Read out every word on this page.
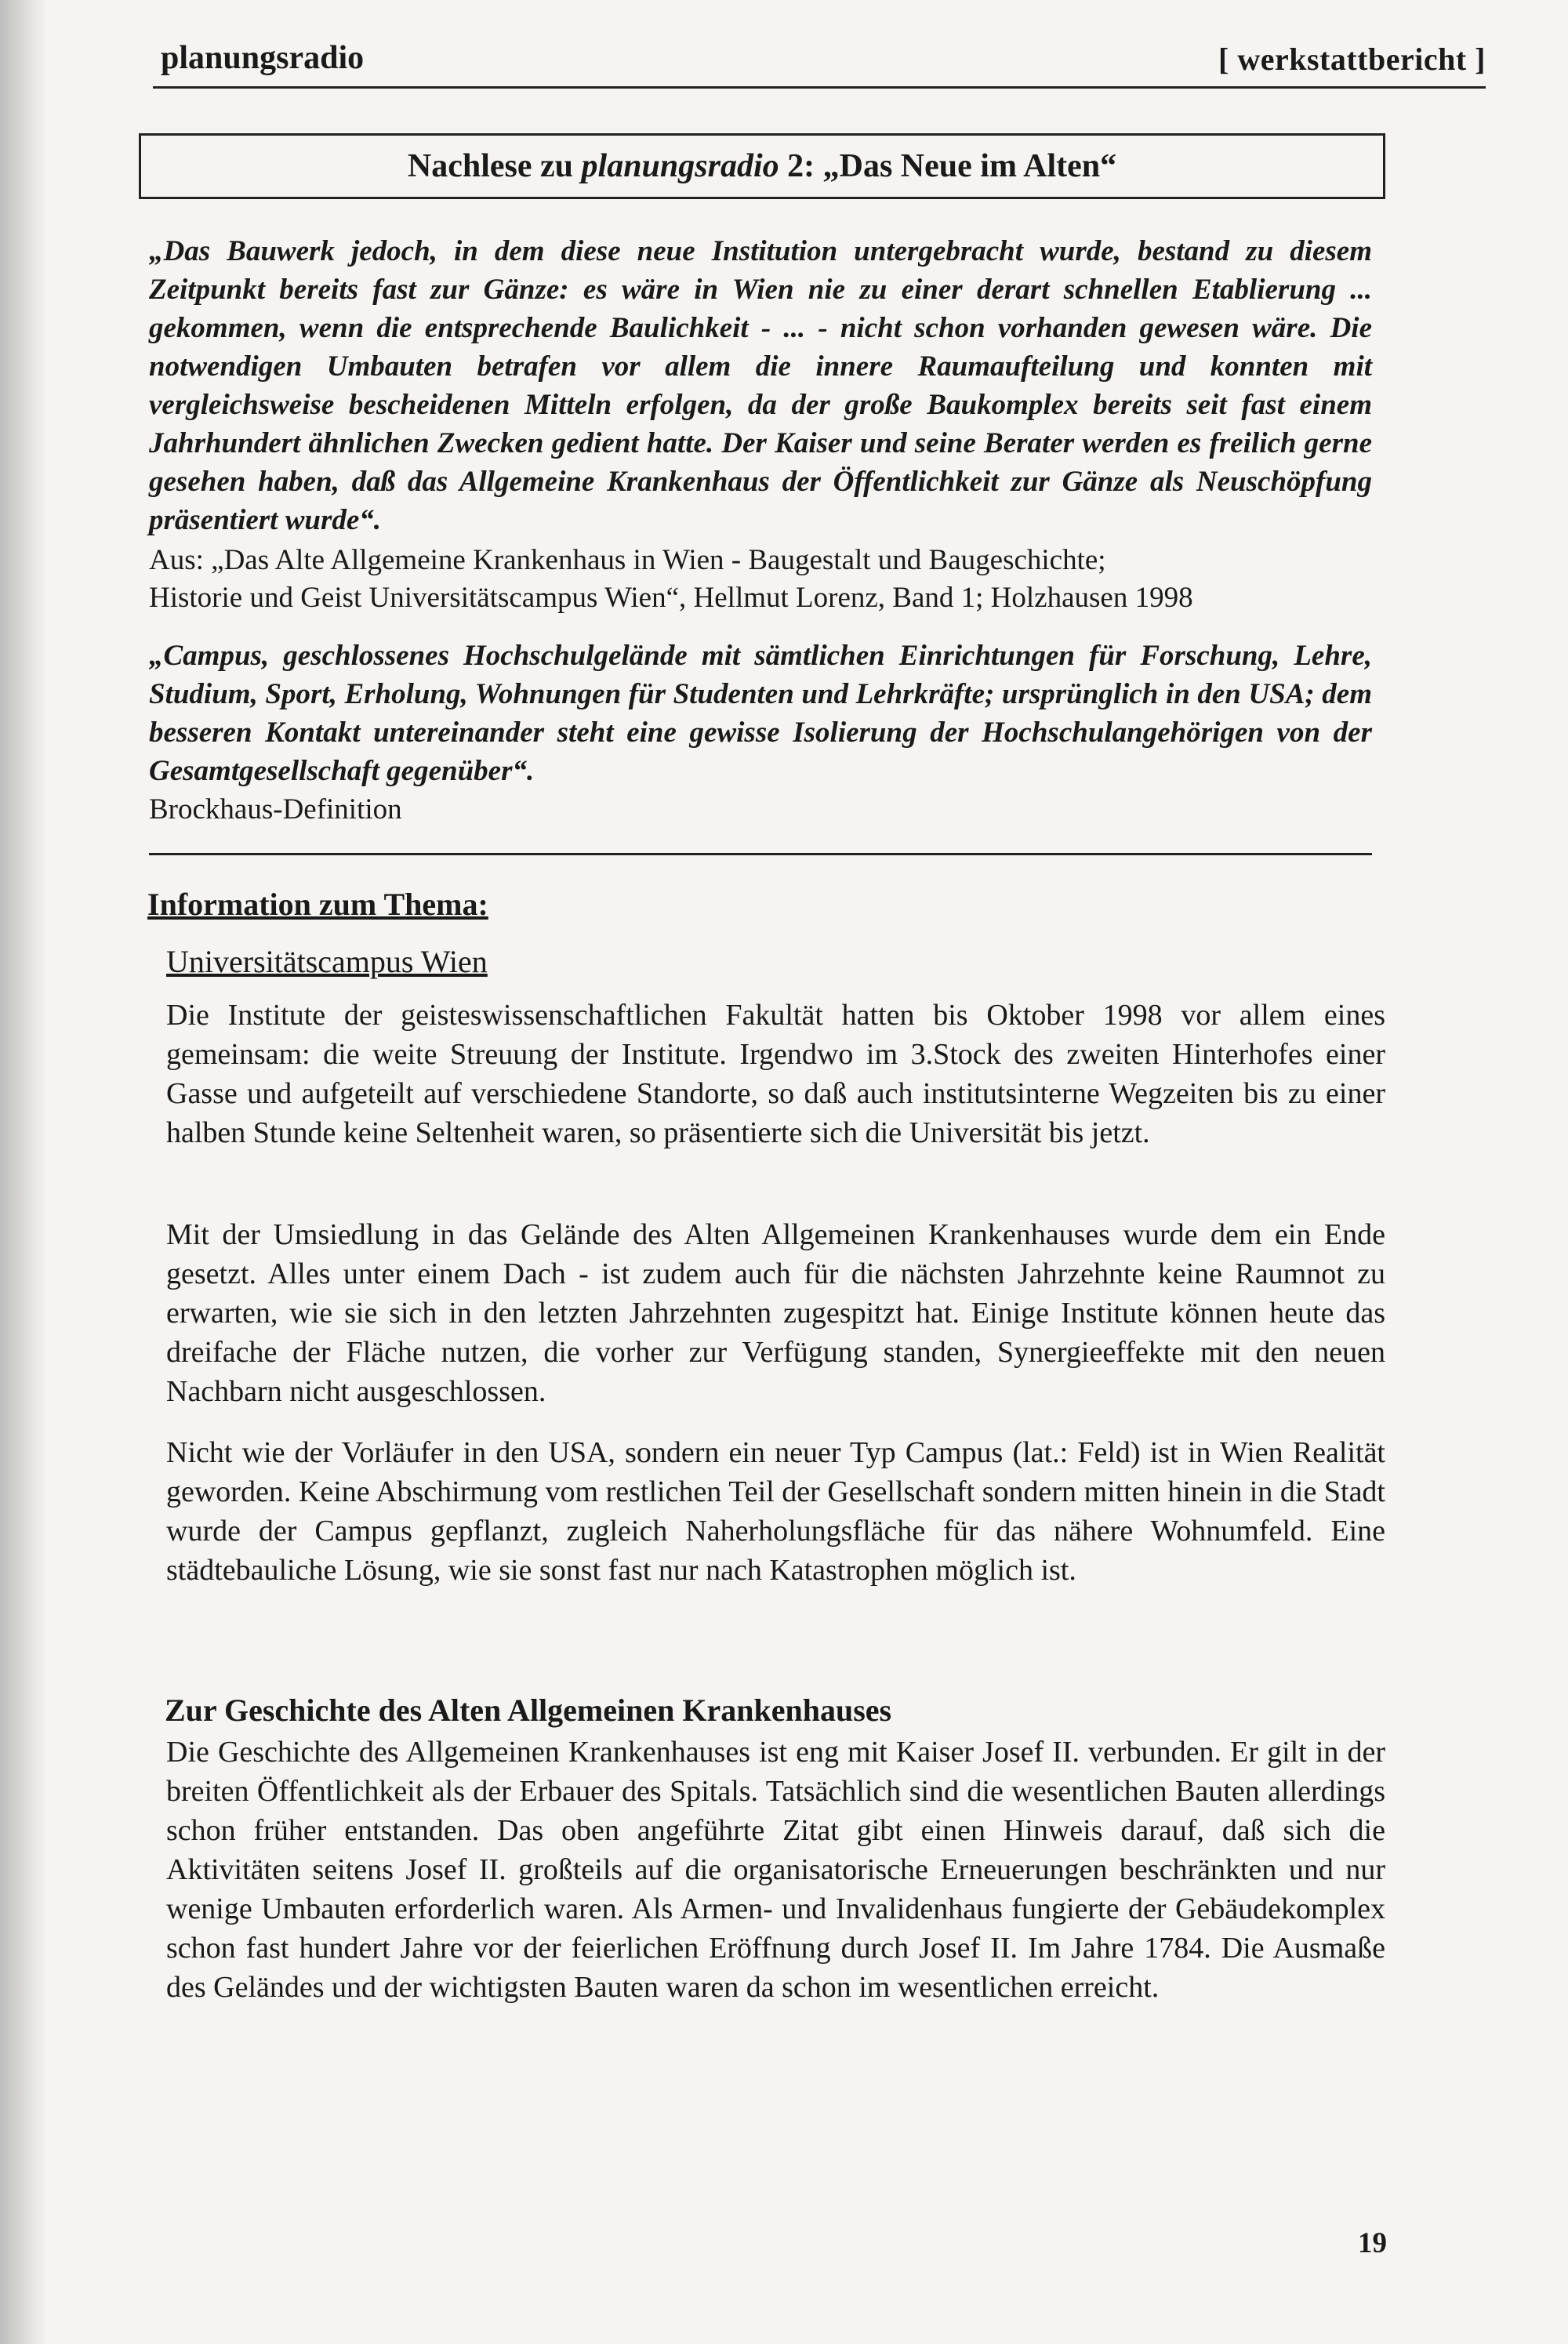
planungsradio	[ werkstattbericht ]
Nachlese zu planungsradio 2: „Das Neue im Alten“
„Das Bauwerk jedoch, in dem diese neue Institution untergebracht wurde, bestand zu diesem Zeitpunkt bereits fast zur Gänze: es wäre in Wien nie zu einer derart schnellen Etablierung ... gekommen, wenn die entsprechende Baulichkeit - ... - nicht schon vorhanden gewesen wäre. Die notwendigen Umbauten betrafen vor allem die innere Raumaufteilung und konnten mit vergleichsweise bescheidenen Mitteln erfolgen, da der große Baukomplex bereits seit fast einem Jahrhundert ähnlichen Zwecken gedient hatte. Der Kaiser und seine Berater werden es freilich gerne gesehen haben, daß das Allgemeine Krankenhaus der Öffentlichkeit zur Gänze als Neuschöpfung präsentiert wurde“.
Aus: „Das Alte Allgemeine Krankenhaus in Wien - Baugestalt und Baugeschichte;
Historie und Geist Universitätscampus Wien“, Hellmut Lorenz, Band 1; Holzhausen 1998
„Campus, geschlossenes Hochschulgelände mit sämtlichen Einrichtungen für Forschung, Lehre, Studium, Sport, Erholung, Wohnungen für Studenten und Lehrkräfte; ursprünglich in den USA; dem besseren Kontakt untereinander steht eine gewisse Isolierung der Hochschulangehörigen von der Gesamtgesellschaft gegenüber“.
Brockhaus-Definition
Information zum Thema:
Universitätscampus Wien
Die Institute der geisteswissenschaftlichen Fakultät hatten bis Oktober 1998 vor allem eines gemeinsam: die weite Streuung der Institute. Irgendwo im 3.Stock des zweiten Hinterhofes einer Gasse und aufgeteilt auf verschiedene Standorte, so daß auch institutsinterne Wegzeiten bis zu einer halben Stunde keine Seltenheit waren, so präsentierte sich die Universität bis jetzt.
Mit der Umsiedlung in das Gelände des Alten Allgemeinen Krankenhauses wurde dem ein Ende gesetzt. Alles unter einem Dach - ist zudem auch für die nächsten Jahrzehnte keine Raumnot zu erwarten, wie sie sich in den letzten Jahrzehnten zugespitzt hat. Einige Institute können heute das dreifache der Fläche nutzen, die vorher zur Verfügung standen, Synergieeffekte mit den neuen Nachbarn nicht ausgeschlossen.
Nicht wie der Vorläufer in den USA, sondern ein neuer Typ Campus (lat.: Feld) ist in Wien Realität geworden. Keine Abschirmung vom restlichen Teil der Gesellschaft sondern mitten hinein in die Stadt wurde der Campus gepflanzt, zugleich Naherholungsfläche für das nähere Wohnumfeld. Eine städtebauliche Lösung, wie sie sonst fast nur nach Katastrophen möglich ist.
Zur Geschichte des Alten Allgemeinen Krankenhauses
Die Geschichte des Allgemeinen Krankenhauses ist eng mit Kaiser Josef II. verbunden. Er gilt in der breiten Öffentlichkeit als der Erbauer des Spitals. Tatsächlich sind die wesentlichen Bauten allerdings schon früher entstanden. Das oben angeführte Zitat gibt einen Hinweis darauf, daß sich die Aktivitäten seitens Josef II. großteils auf die organisatorische Erneuerungen beschränkten und nur wenige Umbauten erforderlich waren. Als Armen- und Invalidenhaus fungierte der Gebäudekomplex schon fast hundert Jahre vor der feierlichen Eröffnung durch Josef II. Im Jahre 1784. Die Ausmaße des Geländes und der wichtigsten Bauten waren da schon im wesentlichen erreicht.
19
